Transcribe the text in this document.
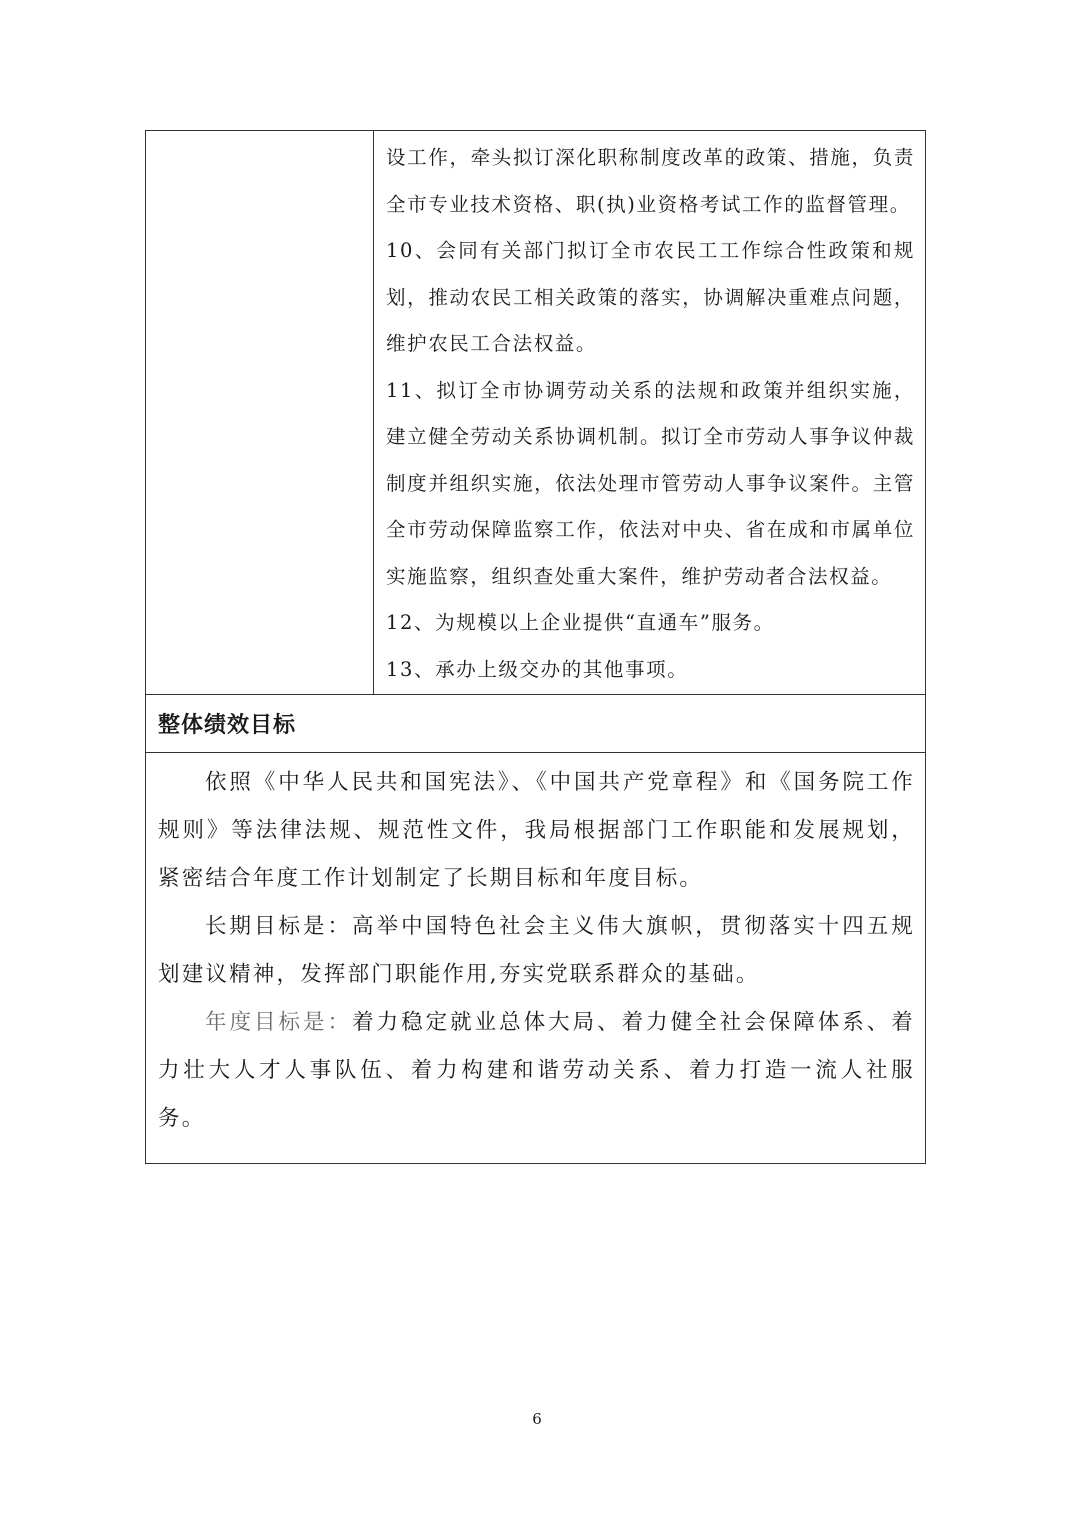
设工作，牵头拟订深化职称制度改革的政策、措施，负责全市专业技术资格、职(执)业资格考试工作的监督管理。

10、会同有关部门拟订全市农民工工作综合性政策和规划，推动农民工相关政策的落实，协调解决重难点问题，维护农民工合法权益。

11、拟订全市协调劳动关系的法规和政策并组织实施，建立健全劳动关系协调机制。拟订全市劳动人事争议仲裁制度并组织实施，依法处理市管劳动人事争议案件。主管全市劳动保障监察工作，依法对中央、省在成和市属单位实施监察，组织查处重大案件，维护劳动者合法权益。

12、为规模以上企业提供“直通车”服务。

13、承办上级交办的其他事项。

整体绩效目标

依照《中华人民共和国宪法》、《中国共产党章程》和《国务院工作规则》等法律法规、规范性文件，我局根据部门工作职能和发展规划，紧密结合年度工作计划制定了长期目标和年度目标。

长期目标是：高举中国特色社会主义伟大旗帜，贯彻落实十四五规划建议精神，发挥部门职能作用,夯实党联系群众的基础。

年度目标是：着力稳定就业总体大局、着力健全社会保障体系、着力壮大人才人事队伍、着力构建和谐劳动关系、着力打造一流人社服务。

6
